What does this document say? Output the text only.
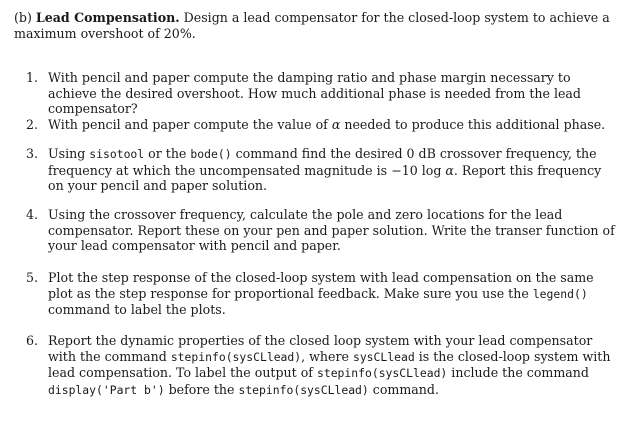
(b) Lead Compensation. Design a lead compensator for the closed-loop system to achieve a maximum overshoot of 20%.

1. With pencil and paper compute the damping ratio and phase margin necessary to achieve the desired overshoot. How much additional phase is needed from the lead compensator?
2. With pencil and paper compute the value of α needed to produce this additional phase.
3. Using sisotool or the bode() command find the desired 0 dB crossover frequency, the frequency at which the uncompensated magnitude is −10 log α. Report this frequency on your pencil and paper solution.
4. Using the crossover frequency, calculate the pole and zero locations for the lead compensator. Report these on your pen and paper solution. Write the transer function of your lead compensator with pencil and paper.
5. Plot the step response of the closed-loop system with lead compensation on the same plot as the step response for proportional feedback. Make sure you use the legend() command to label the plots.
6. Report the dynamic properties of the closed loop system with your lead compensator with the command stepinfo(sysCLlead), where sysCLlead is the closed-loop system with lead compensation. To label the output of stepinfo(sysCLlead) include the command display('Part b') before the stepinfo(sysCLlead) command.
